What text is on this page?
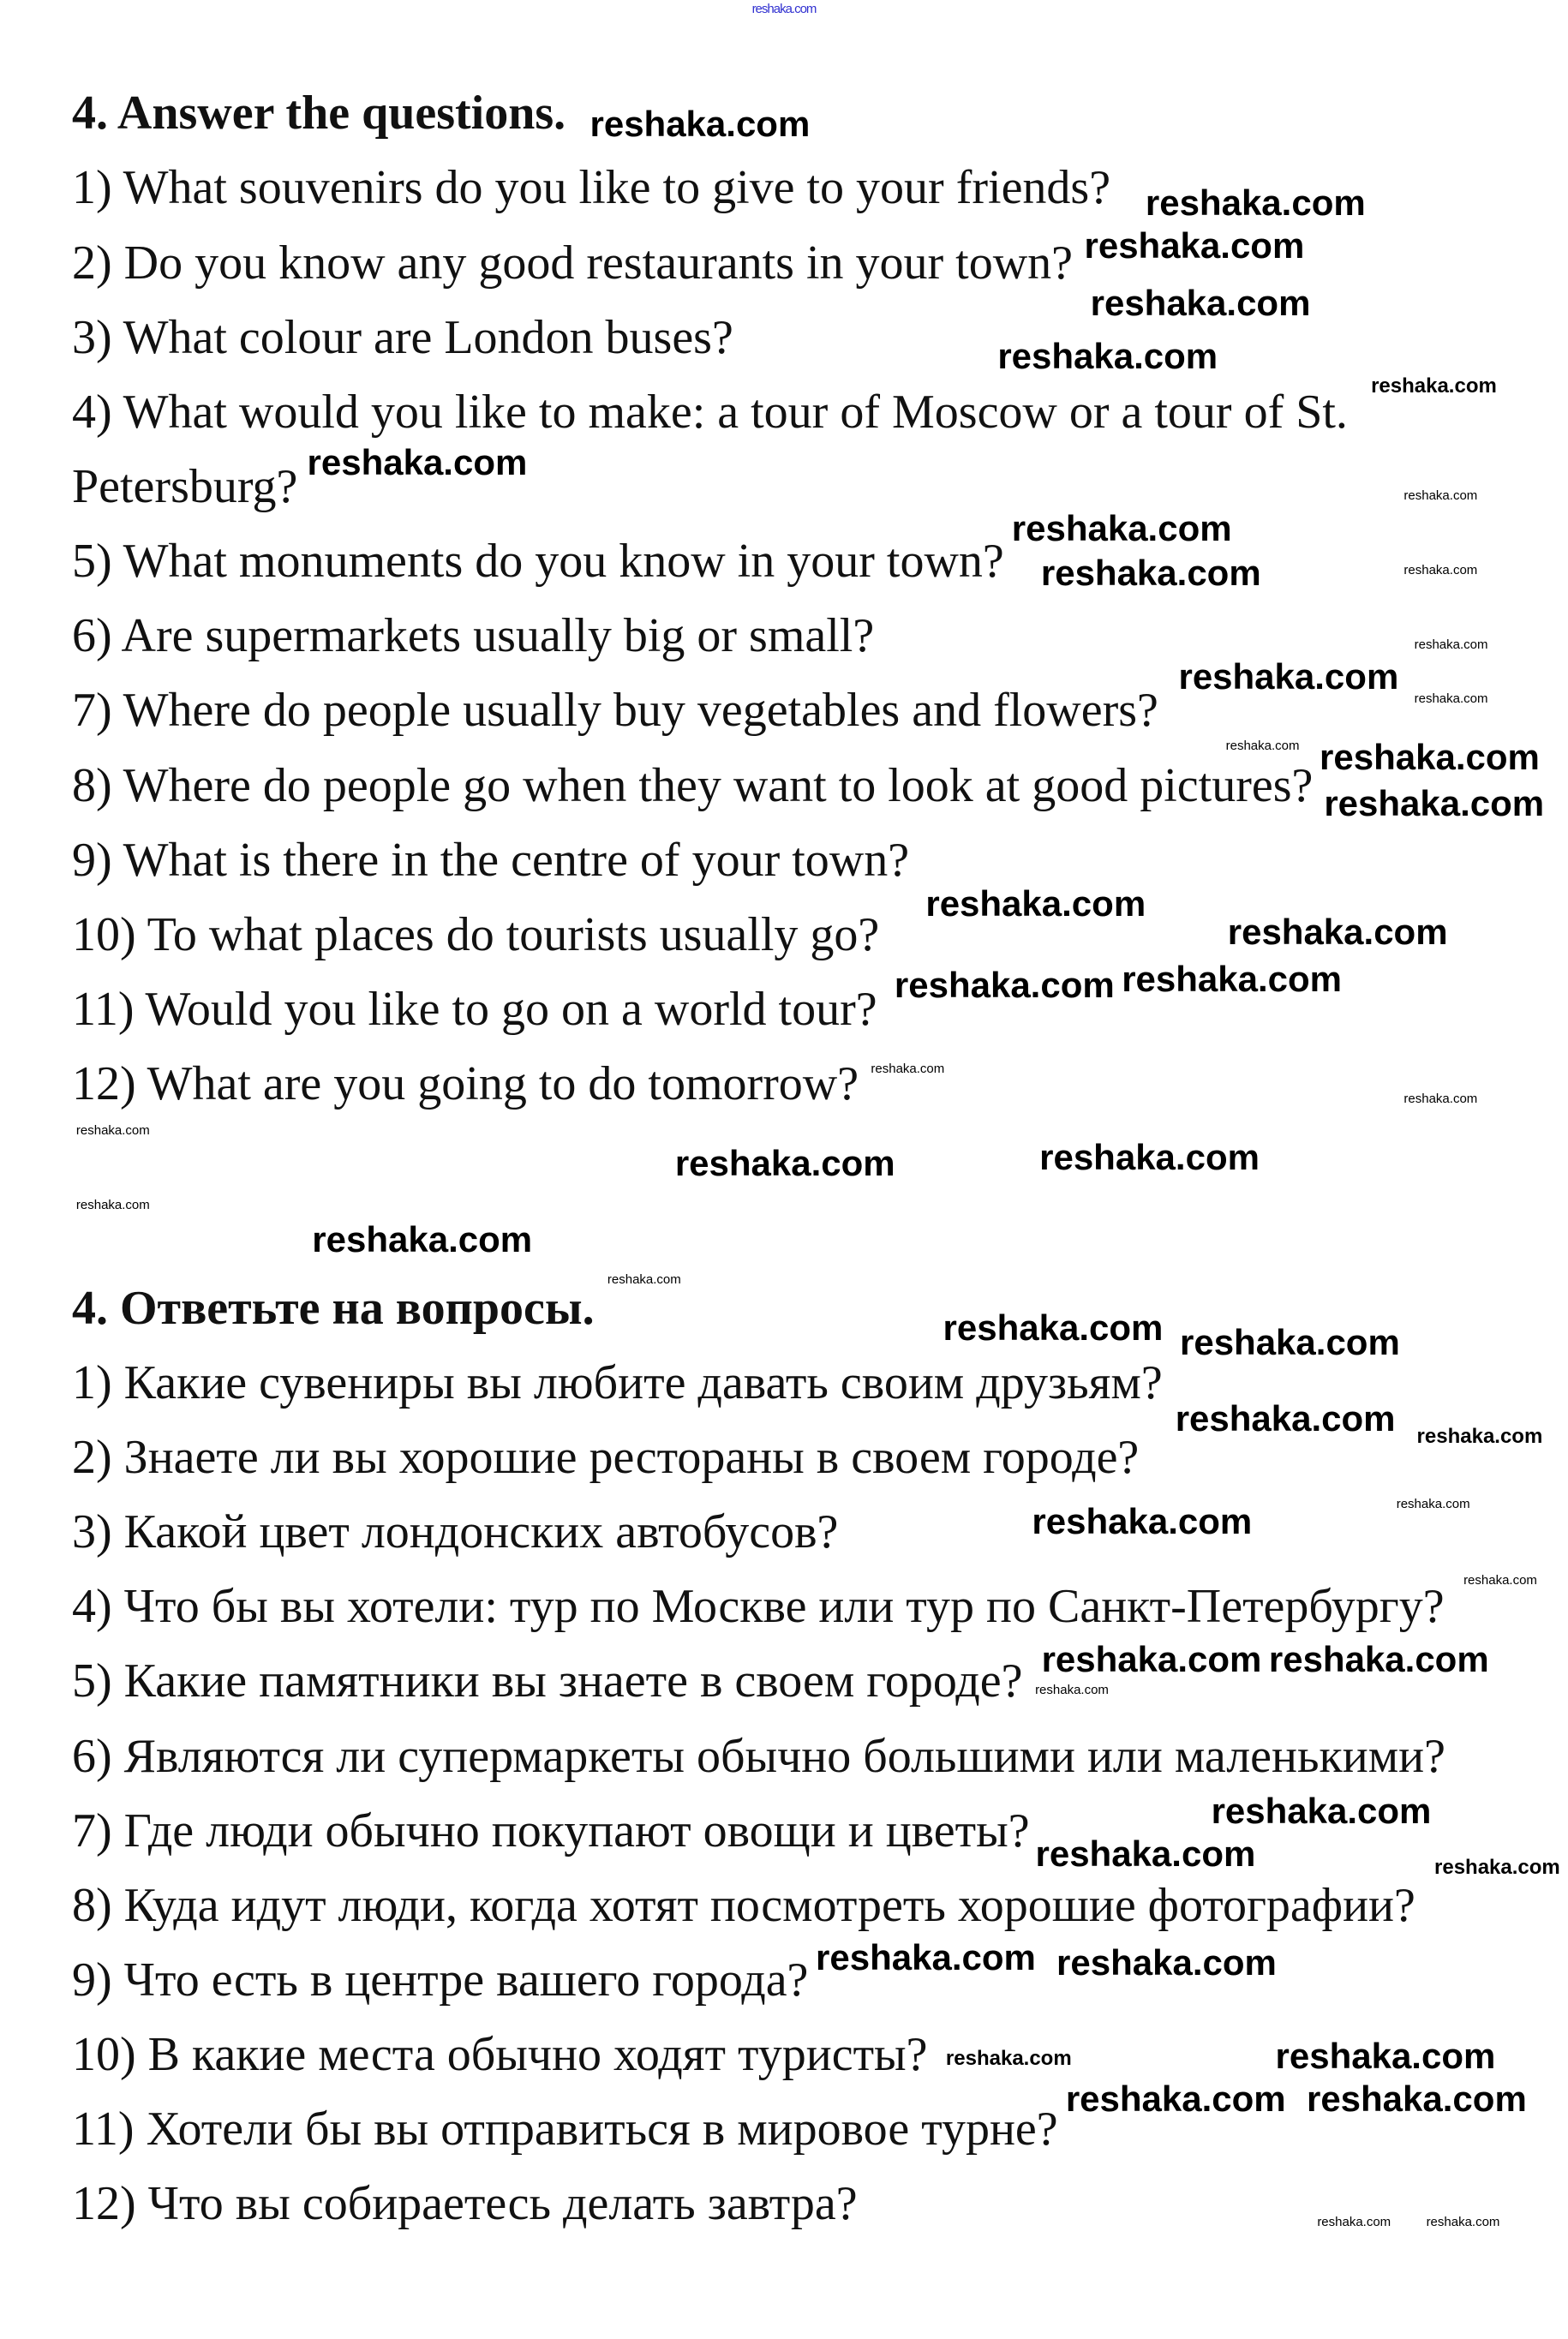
reshaka.com
4. Answer the questions.
1) What souvenirs do you like to give to your friends?
2) Do you know any good restaurants in your town?
3) What colour are London buses?
4) What would you like to make: a tour of Moscow or a tour of St.
Petersburg?
5) What monuments do you know in your town?
6) Are supermarkets usually big or small?
7) Where do people usually buy vegetables and flowers?
8) Where do people go when they want to look at good pictures?
9) What is there in the centre of your town?
10) To what places do tourists usually go?
11) Would you like to go on a world tour?
12) What are you going to do tomorrow?
4. Ответьте на вопросы.
1) Какие сувениры вы любите давать своим друзьям?
2) Знаете ли вы хорошие рестораны в своем городе?
3) Какой цвет лондонских автобусов?
4) Что бы вы хотели: тур по Москве или тур по Санкт-Петербургу?
5) Какие памятники вы знаете в своем городе?
6) Являются ли супермаркеты обычно большими или маленькими?
7) Где люди обычно покупают овощи и цветы?
8) Куда идут люди, когда хотят посмотреть хорошие фотографии?
9) Что есть в центре вашего города?
10) В какие места обычно ходят туристы?
11) Хотели бы вы отправиться в мировое турне?
12) Что вы собираетесь делать завтра?
reshaka.com
reshaka.com
reshaka.com
reshaka.com
reshaka.com
reshaka.com
reshaka.com
reshaka.com
reshaka.com
reshaka.com
reshaka.com
reshaka.com
reshaka.com
reshaka.com reshaka.com
reshaka.com	reshaka.com
reshaka.com
reshaka.com
reshaka.com
reshaka.com
reshaka.com
reshaka.com reshaka.com
reshaka.com
reshaka.com
reshaka.com reshaka.com
reshaka.com
reshaka.com reshaka.com
reshaka.com
reshaka.com
reshaka.com
reshaka.com
reshaka.com
reshaka.com
reshaka.com
reshaka.com
reshaka.com
reshaka.com
reshaka.com
reshaka.com
reshaka.com
reshaka.com
reshaka.com
reshaka.com
reshaka.com
reshaka.com	reshaka.com
